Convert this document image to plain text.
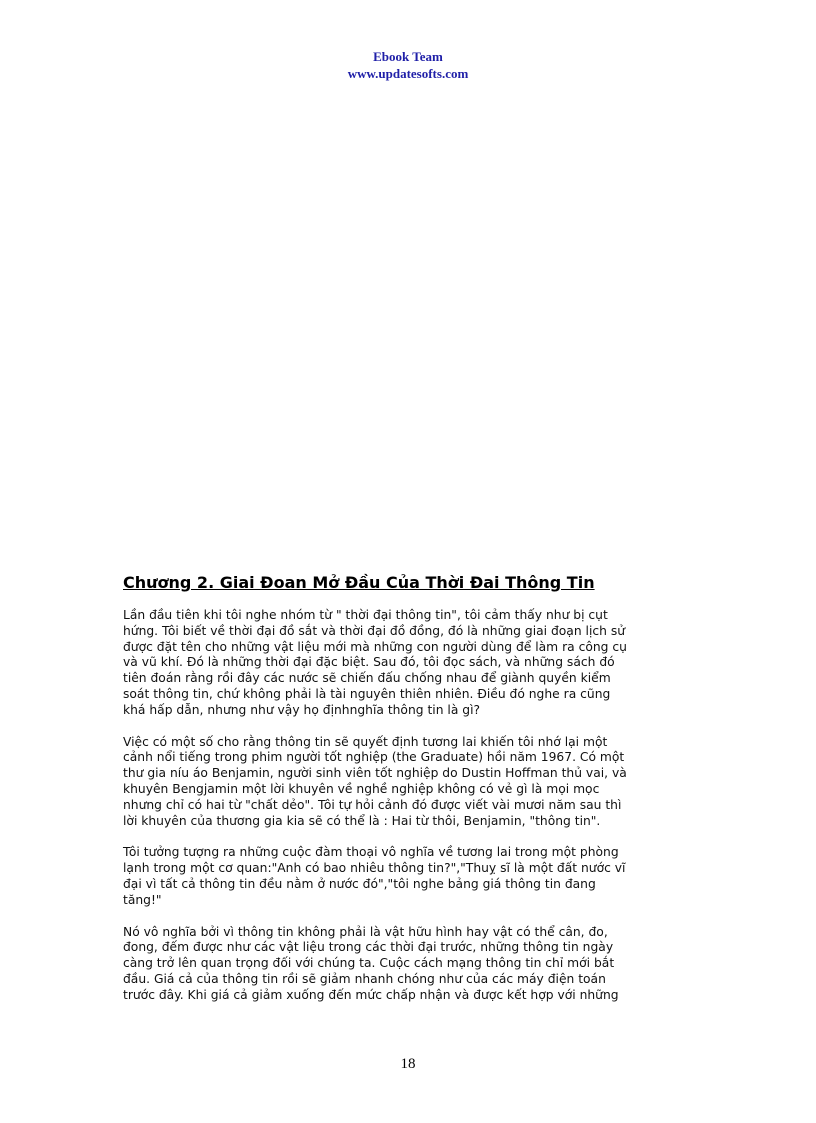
Ebook Team
www.updatesofts.com
Chương 2. Giai Đoan Mở Đầu Của Thời Đai Thông Tin

Lần đầu tiên khi tôi nghe nhóm từ " thời đại thông tin", tôi cảm thấy như bị cụt
hứng. Tôi biết về thời đại đồ sắt và thời đại đồ đồng, đó là những giai đoạn lịch sử
được đặt tên cho những vật liệu mới mà những con người dùng để làm ra công cụ
và vũ khí. Đó là những thời đại đặc biệt. Sau đó, tôi đọc sách, và những sách đó
tiên đoán rằng rồi đây các nước sẽ chiến đấu chống nhau để giành quyền kiểm
soát thông tin, chứ không phải là tài nguyên thiên nhiên. Điều đó nghe ra cũng
khá hấp dẫn, nhưng như vậy họ địnhnghĩa thông tin là gì?

Việc có một số cho rằng thông tin sẽ quyết định tương lai khiến tôi nhớ lại một
cảnh nổi tiếng trong phim người tốt nghiệp (the Graduate) hồi năm 1967. Có một
thư gia níu áo Benjamin, người sinh viên tốt nghiệp do Dustin Hoffman thủ vai, và
khuyên Bengjamin một lời khuyên về nghề nghiệp không có vẻ gì là mọi mọc
nhưng chỉ có hai từ "chất dẻo". Tôi tự hỏi cảnh đó được viết vài mươi năm sau thì
lời khuyên của thương gia kia sẽ có thể là : Hai từ thôi, Benjamin, "thông tin".

Tôi tưởng tượng ra những cuộc đàm thoại vô nghĩa về tương lai trong một phòng
lạnh trong một cơ quan:"Anh có bao nhiêu thông tin?","Thuỵ sĩ là một đất nước vĩ
đại vì tất cả thông tin đều nằm ở nước đó","tôi nghe bảng giá thông tin đang
tăng!"

Nó vô nghĩa bởi vì thông tin không phải là vật hữu hình hay vật có thể cân, đo,
đong, đếm được như các vật liệu trong các thời đại trước, những thông tin ngày
càng trở lên quan trọng đối với chúng ta. Cuộc cách mạng thông tin chỉ mới bắt
đầu. Giá cả của thông tin rồi sẽ giảm nhanh chóng như của các máy điện toán
trước đây. Khi giá cả giảm xuống đến mức chấp nhận và được kết hợp với những

18
